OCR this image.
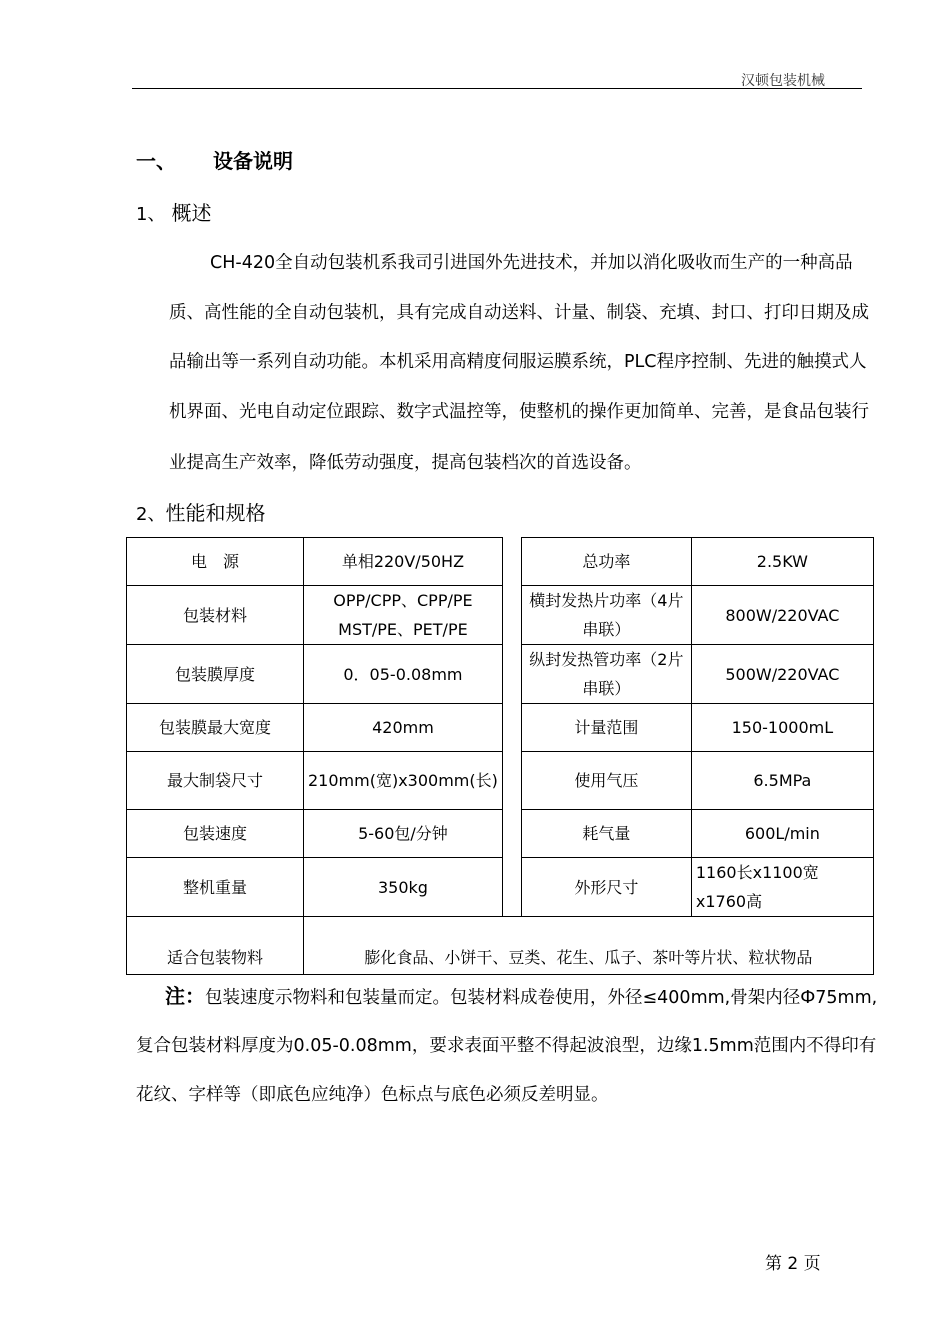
汉顿包装机械
一、 设备说明
1、 概述
CH-420全自动包装机系我司引进国外先进技术，并加以消化吸收而生产的一种高品
质、高性能的全自动包装机，具有完成自动送料、计量、制袋、充填、封口、打印日期及成
品输出等一系列自动功能。本机采用高精度伺服运膜系统，PLC程序控制、先进的触摸式人
机界面、光电自动定位跟踪、数字式温控等，使整机的操作更加简单、完善，是食品包装行
业提高生产效率，降低劳动强度，提高包装档次的首选设备。
2、性能和规格
电　源	单相220V/50HZ		总功率	2.5KW
包装材料	OPP/CPP、CPP/PE MST/PE、PET/PE		横封发热片功率（4片串联）	800W/220VAC
包装膜厚度	0．05-0.08mm		纵封发热管功率（2片串联）	500W/220VAC
包装膜最大宽度	420mm		计量范围	150-1000mL
最大制袋尺寸	210mm(宽)x300mm(长)		使用气压	6.5MPa
包装速度	5-60包/分钟		耗气量	600L/min
整机重量	350kg		外形尺寸	1160长x1100宽x1760高
适合包装物料	膨化食品、小饼干、豆类、花生、瓜子、茶叶等片状、粒状物品			
注：包装速度示物料和包装量而定。包装材料成卷使用，外径≤400mm,骨架内径Ф75mm,
复合包装材料厚度为0.05-0.08mm，要求表面平整不得起波浪型，边缘1.5mm范围内不得印有
花纹、字样等（即底色应纯净）色标点与底色必须反差明显。
第 2 页
